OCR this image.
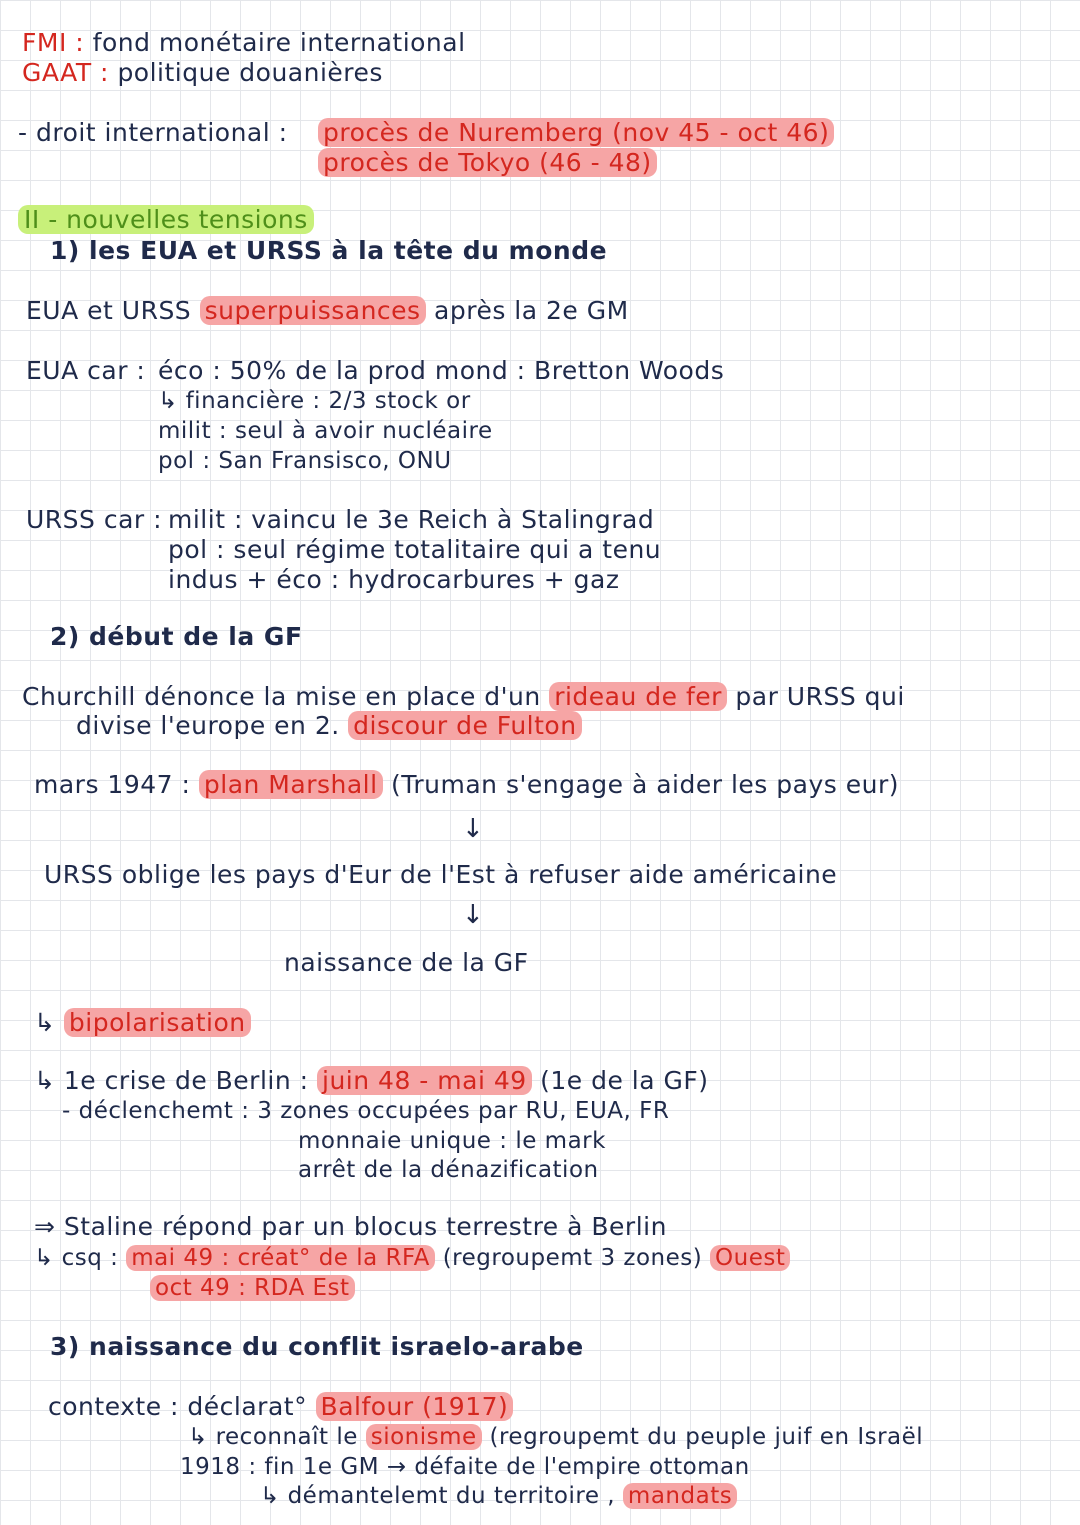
FMI : fond monétaire international
GAAT : politique douanières
- droit international : procès de Nuremberg (nov 45 - oct 46)
procès de Tokyo (46 - 48)
II - nouvelles tensions
1) les EUA et URSS à la tête du monde
EUA et URSS superpuissances après la 2e GM
EUA car : éco : 50% de la prod mond : Bretton Woods
↳ financière : 2/3 stock or
milit : seul à avoir nucléaire
pol : San Fransisco, ONU
URSS car : milit : vaincu le 3e Reich à Stalingrad
pol : seul régime totalitaire qui a tenu
indus + éco : hydrocarbures + gaz
2) début de la GF
Churchill dénonce la mise en place d'un rideau de fer par URSS qui
divise l'europe en 2. discour de Fulton
mars 1947 : plan Marshall (Truman s'engage à aider les pays eur)
↓
URSS oblige les pays d'Eur de l'Est à refuser aide américaine
↓
naissance de la GF
↳ bipolarisation
↳ 1e crise de Berlin : juin 48 - mai 49 (1e de la GF)
- déclenchemt : 3 zones occupées par RU, EUA, FR
monnaie unique : le mark
arrêt de la dénazification
⇒ Staline répond par un blocus terrestre à Berlin
↳ csq : mai 49 : créat° de la RFA (regroupemt 3 zones) Ouest
oct 49 : RDA Est
3) naissance du conflit israelo-arabe
contexte : déclarat° Balfour (1917)
↳ reconnaît le sionisme (regroupemt du peuple juif en Israël
1918 : fin 1e GM → défaite de l'empire ottoman
↳ démantelemt du territoire , mandats
